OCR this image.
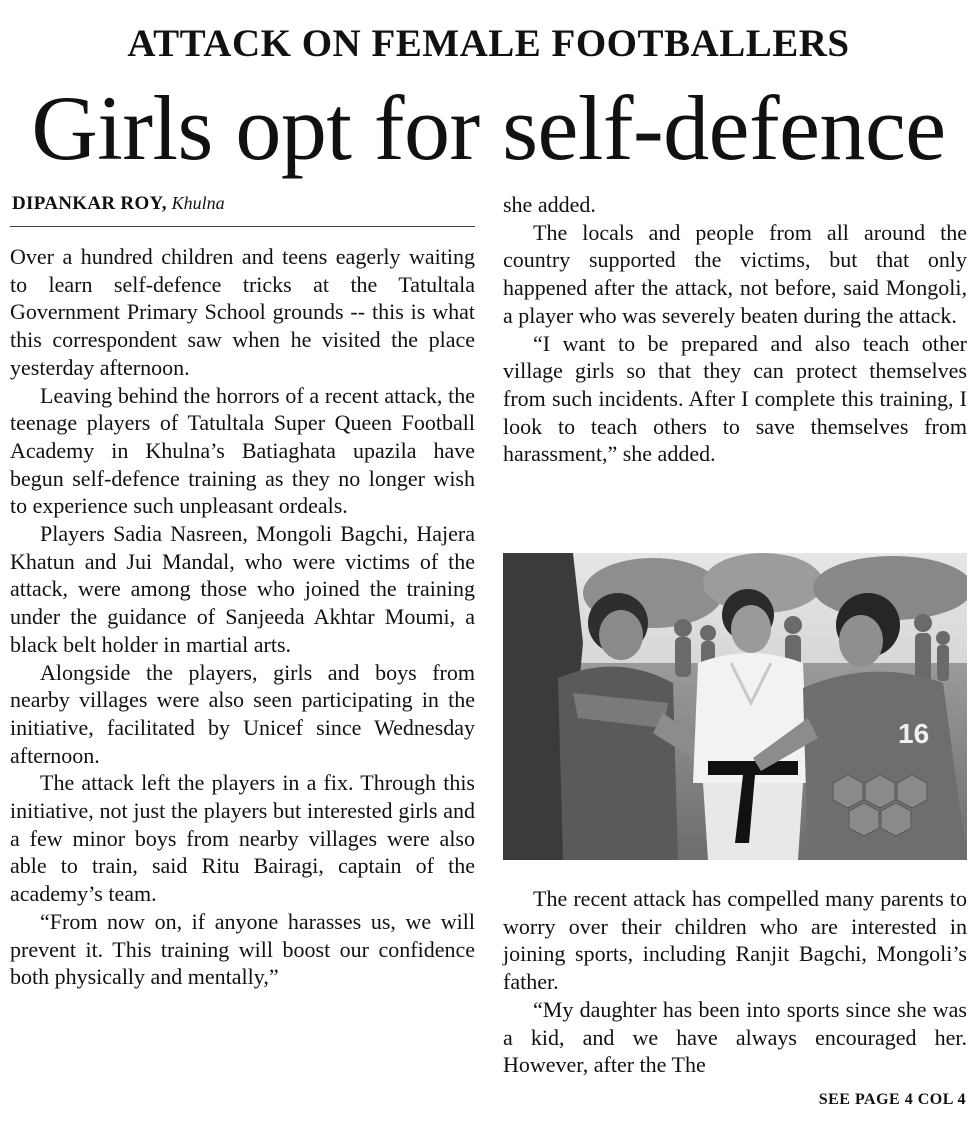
ATTACK ON FEMALE FOOTBALLERS
Girls opt for self-defence
DIPANKAR ROY, Khulna

Over a hundred children and teens eagerly waiting to learn self-defence tricks at the Tatultala Government Primary School grounds -- this is what this correspondent saw when he visited the place yesterday afternoon.

Leaving behind the horrors of a recent attack, the teenage players of Tatultala Super Queen Football Academy in Khulna’s Batiaghata upazila have begun self-defence training as they no longer wish to experience such unpleasant ordeals.

Players Sadia Nasreen, Mongoli Bagchi, Hajera Khatun and Jui Mandal, who were victims of the attack, were among those who joined the training under the guidance of Sanjeeda Akhtar Moumi, a black belt holder in martial arts.

Alongside the players, girls and boys from nearby villages were also seen participating in the initiative, facilitated by Unicef since Wednesday afternoon.

The attack left the players in a fix. Through this initiative, not just the players but interested girls and a few minor boys from nearby villages were also able to train, said Ritu Bairagi, captain of the academy’s team.

“From now on, if anyone harasses us, we will prevent it. This training will boost our confidence both physically and mentally,”

she added.

The locals and people from all around the country supported the victims, but that only happened after the attack, not before, said Mongoli, a player who was severely beaten during the attack.

“I want to be prepared and also teach other village girls so that they can protect themselves from such incidents. After I complete this training, I look to teach others to save themselves from harassment,” she added.

16

The recent attack has compelled many parents to worry over their children who are interested in joining sports, including Ranjit Bagchi, Mongoli’s father.

“My daughter has been into sports since she was a kid, and we have always encouraged her. However, after the The

SEE PAGE 4 COL 4
